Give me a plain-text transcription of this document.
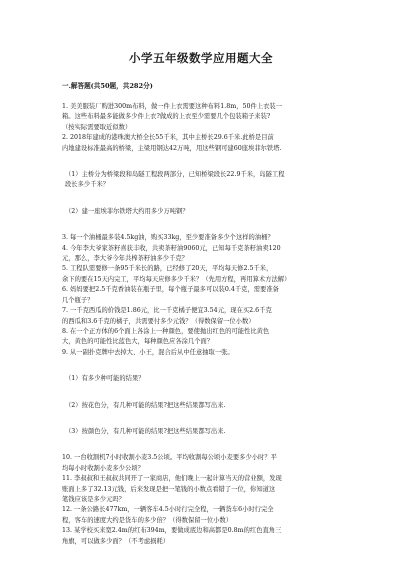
小学五年级数学应用题大全
一.解答题(共50题，共282分)

1. 美美服装厂购进300m布料，做一件上衣需要这种布料1.8m，50件上衣装一

箱。这些布料最多能做多少件上衣?做成的上衣至少需要几个包装箱子来装?

（按实际需要取近似数）

2. 2018年建成的港珠澳大桥全长55千米，其中主桥长29.6千米.此桥是目前

内地建设标准最高的桥梁，主梁用钢达42万吨，用这些钢可建60座埃菲尔铁塔.

（1）主桥分为桥梁段和岛隧工程段两部分，已知桥梁段长22.9千米，岛隧工程

段长多少千米？

（2）建一座埃菲尔铁塔大约用多少万吨钢？

3. 每一个油桶最多装4.5kg油，购买33kg，至少要准备多少个这样的油桶？

4. 今年李大爷家茶籽喜获丰收，共卖茶籽油9060元，已知每千克茶籽油卖120

元，那么，李大爷今年共榨茶籽油多少千克？

5. 工程队需要修一条95千米长的路，已经修了20天，平均每天修2.5千米，

余下的要在15天内完工，平均每天应修多少千米？（先用方程，再用算术方法解）

6. 妈妈要把2.5千克香油装在瓶子里，每个瓶子最多可以装0.4千克，需要准备

几个瓶子？

7. 一千克西瓜的价钱是1.86元，比一千克橘子便宜3.54元，现在买2.6千克

的西瓜和3.6千克的橘子，共需要付多少元钱？（得数保留一位小数）

8. 在一个正方体的6个面上各涂上一种颜色，要使抛出红色的可能性比黄色

大，黄色的可能性比蓝色大，每种颜色应各涂几个面？

9. 从一副扑克牌中去掉大、小王，混合后从中任意抽取一张。

（1）有多少种可能的结果？

（2）按花色分，有几种可能的结果?把这些结果都写出来.

（3）按颜色分，有几种可能的结果?把这些结果都写出来.

10. 一台收割机7小时收割小麦3.5公顷。平均收割每公顷小麦要多少小时？平

均每小时收割小麦多少公顷？

11. 李叔叔和王叔叔共同开了一家商店，他们晚上一起计算当天的营业额，发现

账面上多了32.13元钱，后来发现是把一笔钱的小数点看错了一位，你知道这

笔钱应该是多少元吗？

12. 一条公路长477km，一辆客车4.5小时行完全程，一辆货车6小时行完全

程，客车的速度大约是货车的多少倍？（得数保留一位小数）

13. 某学校买来宽2.4m的红布394m，要做成底边和高都是0.8m的红色直角三

角旗，可以做多少面？（不考虑损耗）
